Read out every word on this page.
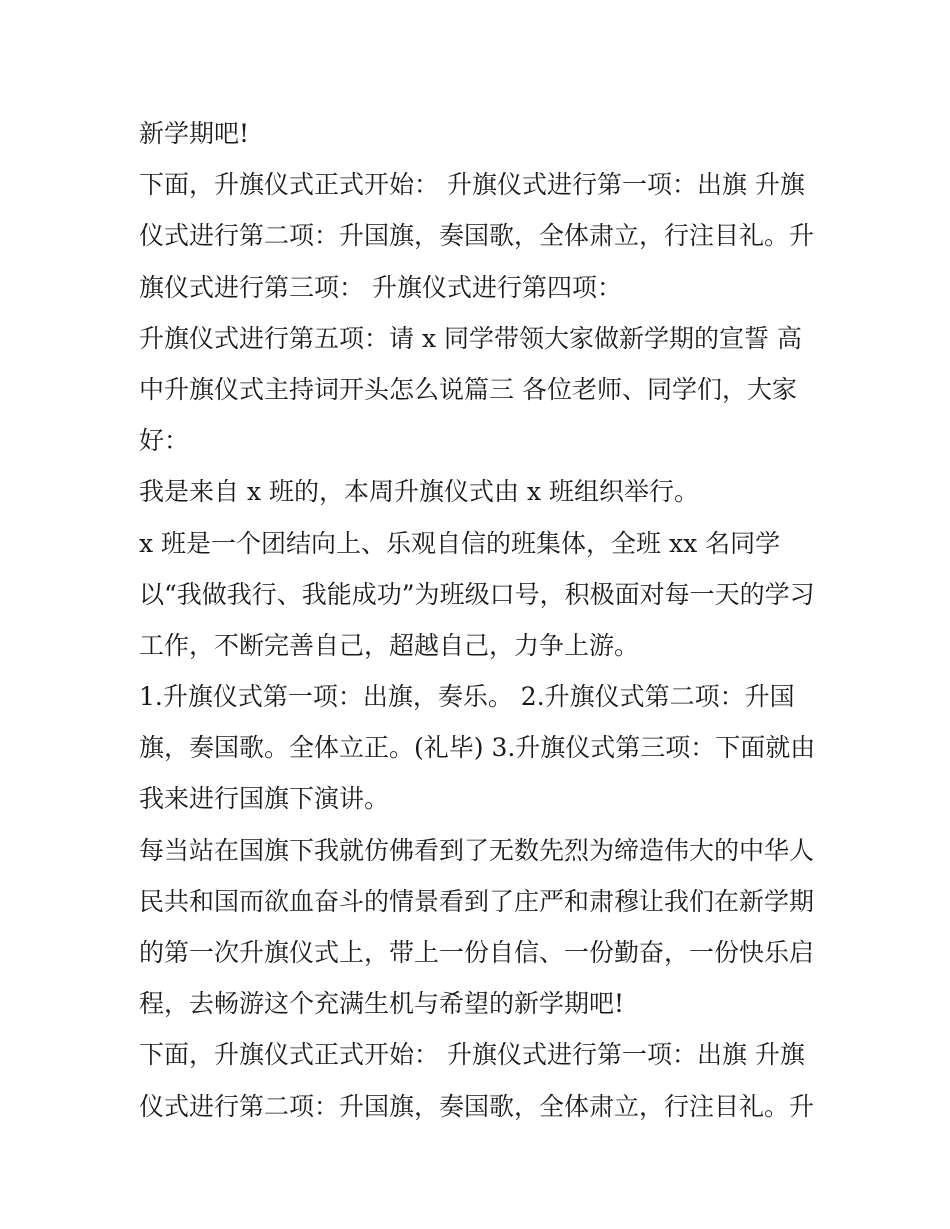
新学期吧!
下面，升旗仪式正式开始： 升旗仪式进行第一项：出旗 升旗
仪式进行第二项：升国旗，奏国歌，全体肃立，行注目礼。升
旗仪式进行第三项： 升旗仪式进行第四项：
升旗仪式进行第五项：请 x 同学带领大家做新学期的宣誓 高
中升旗仪式主持词开头怎么说篇三 各位老师、同学们，大家
好：
我是来自 x 班的，本周升旗仪式由 x 班组织举行。
x 班是一个团结向上、乐观自信的班集体，全班 xx 名同学
以“我做我行、我能成功”为班级口号，积极面对每一天的学习
工作，不断完善自己，超越自己，力争上游。
1.升旗仪式第一项：出旗，奏乐。 2.升旗仪式第二项：升国
旗，奏国歌。全体立正。(礼毕) 3.升旗仪式第三项：下面就由
我来进行国旗下演讲。
每当站在国旗下我就仿佛看到了无数先烈为缔造伟大的中华人
民共和国而欲血奋斗的情景看到了庄严和肃穆让我们在新学期
的第一次升旗仪式上，带上一份自信、一份勤奋，一份快乐启
程，去畅游这个充满生机与希望的新学期吧!
下面，升旗仪式正式开始： 升旗仪式进行第一项：出旗 升旗
仪式进行第二项：升国旗，奏国歌，全体肃立，行注目礼。升
